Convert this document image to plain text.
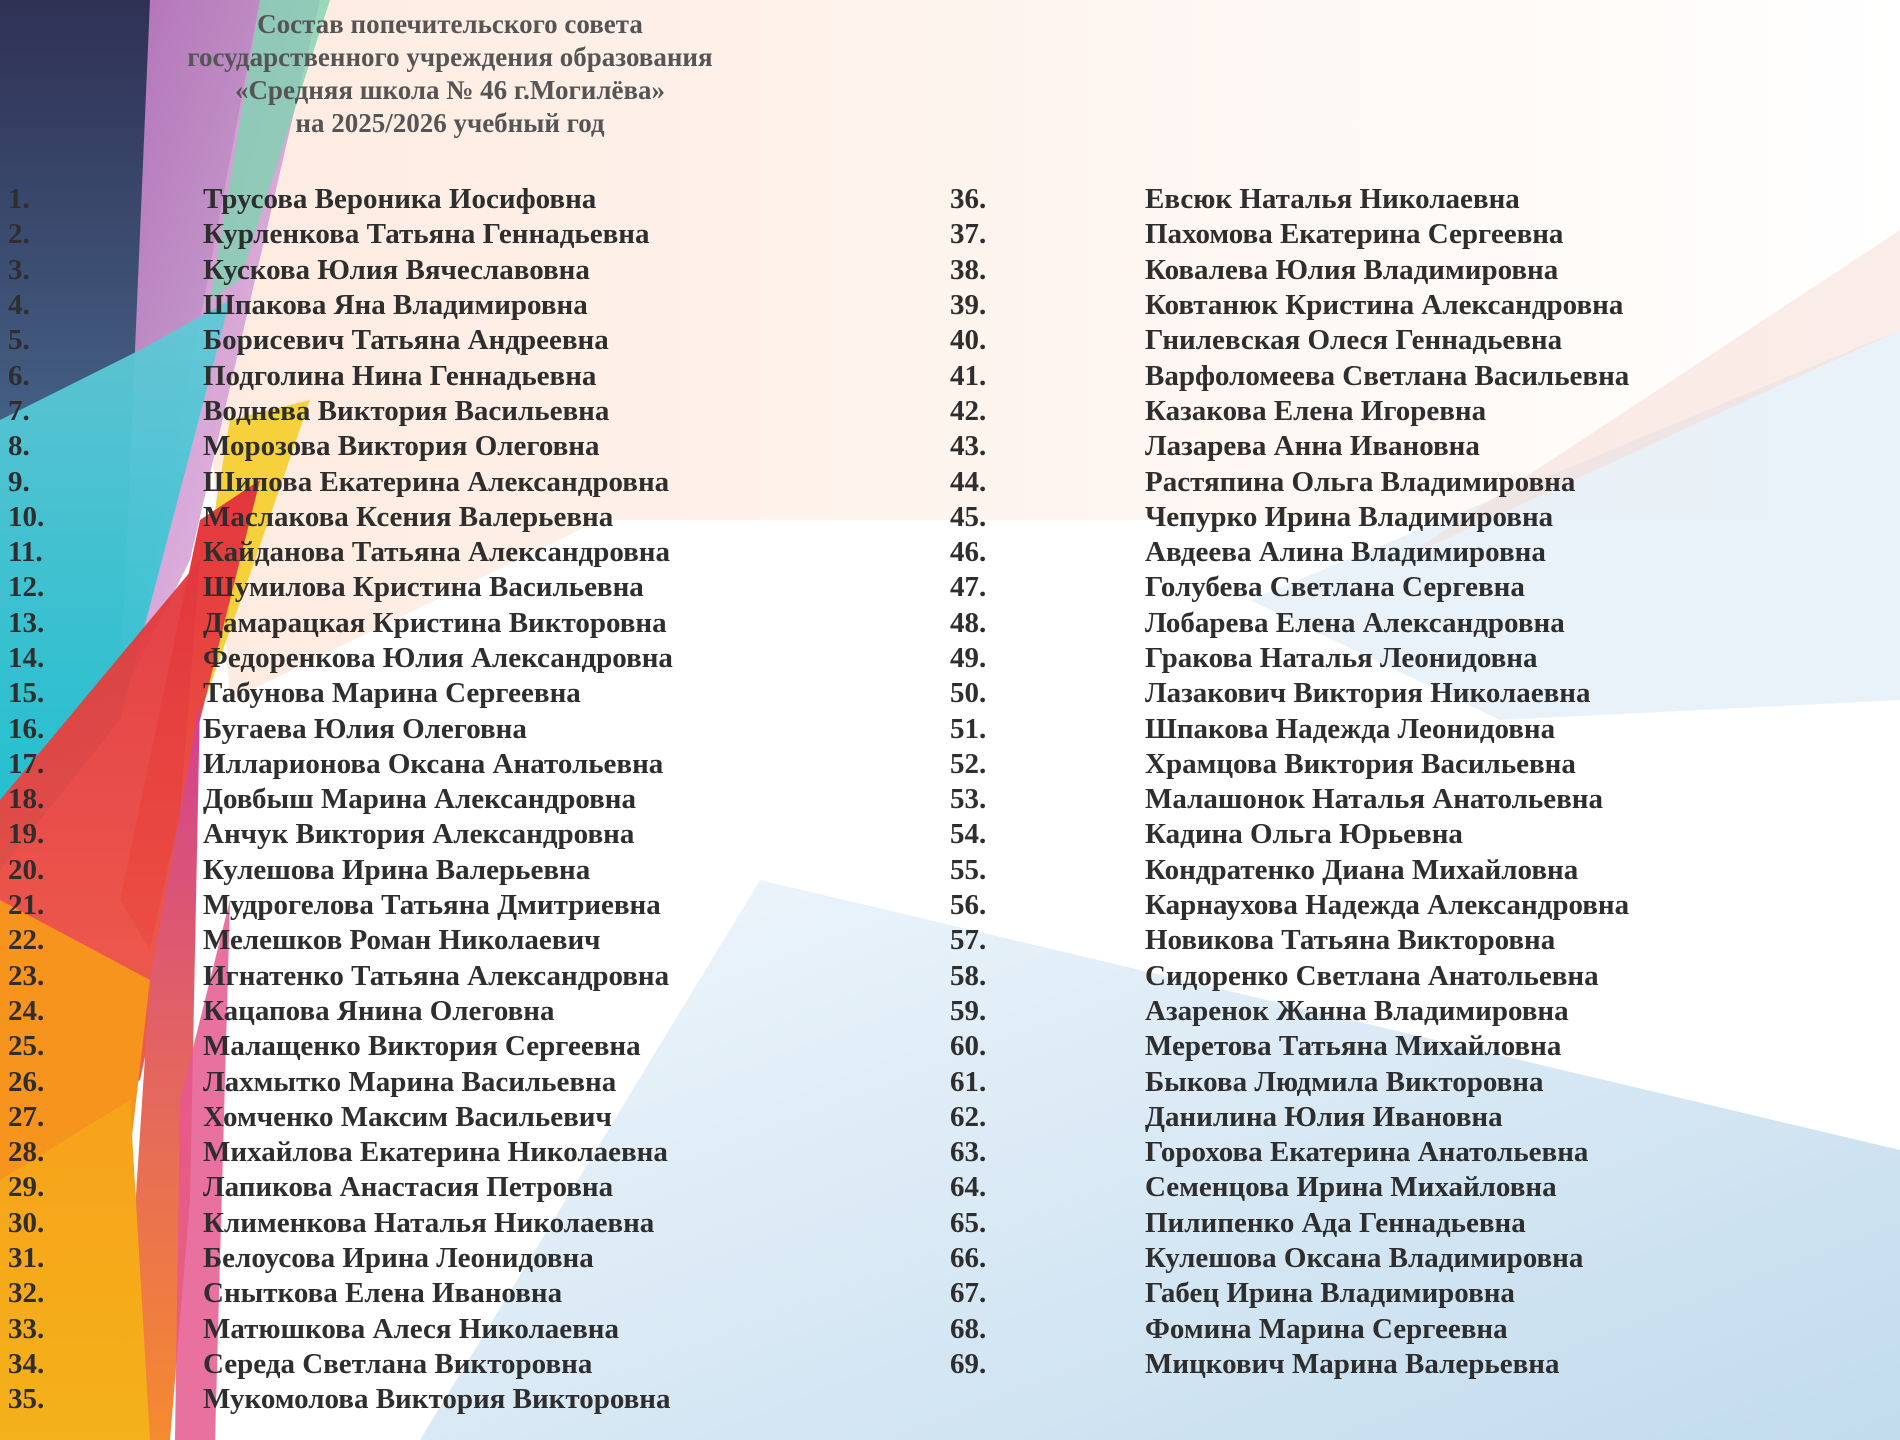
Состав попечительского совета
государственного учреждения образования
«Средняя школа № 46 г.Могилёва»
на 2025/2026 учебный год
1.	Трусова Вероника Иосифовна
2.	Курленкова Татьяна Геннадьевна
3.	Кускова Юлия Вячеславовна
4.	Шпакова Яна Владимировна
5.	Борисевич Татьяна Андреевна
6.	Подголина Нина Геннадьевна
7.	Воднева Виктория Васильевна
8.	Морозова Виктория Олеговна
9.	Шипова Екатерина Александровна
10.	Маслакова Ксения Валерьевна
11.	Кайданова Татьяна Александровна
12.	Шумилова Кристина Васильевна
13.	Дамарацкая Кристина Викторовна
14.	Федоренкова Юлия Александровна
15.	Табунова Марина Сергеевна
16.	Бугаева Юлия Олеговна
17.	Илларионова Оксана Анатольевна
18.	Довбыш Марина Александровна
19.	Анчук Виктория Александровна
20.	Кулешова Ирина Валерьевна
21.	Мудрогелова Татьяна Дмитриевна
22.	Мелешков Роман Николаевич
23.	Игнатенко Татьяна Александровна
24.	Кацапова Янина Олеговна
25.	Малащенко Виктория Сергеевна
26.	Лахмытко Марина Васильевна
27.	Хомченко Максим Васильевич
28.	Михайлова Екатерина Николаевна
29.	Лапикова Анастасия Петровна
30.	Клименкова Наталья Николаевна
31.	Белоусова Ирина Леонидовна
32.	Сныткова Елена Ивановна
33.	Матюшкова Алеся Николаевна
34.	Середа Светлана Викторовна
35.	Мукомолова Виктория Викторовна
36.	Евсюк Наталья Николаевна
37.	Пахомова Екатерина Сергеевна
38.	Ковалева Юлия Владимировна
39.	Ковтанюк Кристина Александровна
40.	Гнилевская Олеся Геннадьевна
41.	Варфоломеева Светлана Васильевна
42.	Казакова Елена Игоревна
43.	Лазарева Анна Ивановна
44.	Растяпина Ольга Владимировна
45.	Чепурко Ирина Владимировна
46.	Авдеева Алина Владимировна
47.	Голубева Светлана Сергевна
48.	Лобарева Елена Александровна
49.	Гракова Наталья Леонидовна
50.	Лазакович Виктория Николаевна
51.	Шпакова Надежда Леонидовна
52.	Храмцова Виктория Васильевна
53.	Малашонок Наталья Анатольевна
54.	Кадина Ольга Юрьевна
55.	Кондратенко Диана Михайловна
56.	Карнаухова Надежда Александровна
57.	Новикова Татьяна Викторовна
58.	Сидоренко Светлана Анатольевна
59.	Азаренок Жанна Владимировна
60.	Меретова Татьяна Михайловна
61.	Быкова Людмила Викторовна
62.	Данилина Юлия Ивановна
63.	Горохова Екатерина Анатольевна
64.	Семенцова Ирина Михайловна
65.	Пилипенко Ада Геннадьевна
66.	Кулешова Оксана Владимировна
67.	Габец Ирина Владимировна
68.	Фомина Марина Сергеевна
69.	Мицкович Марина Валерьевна
